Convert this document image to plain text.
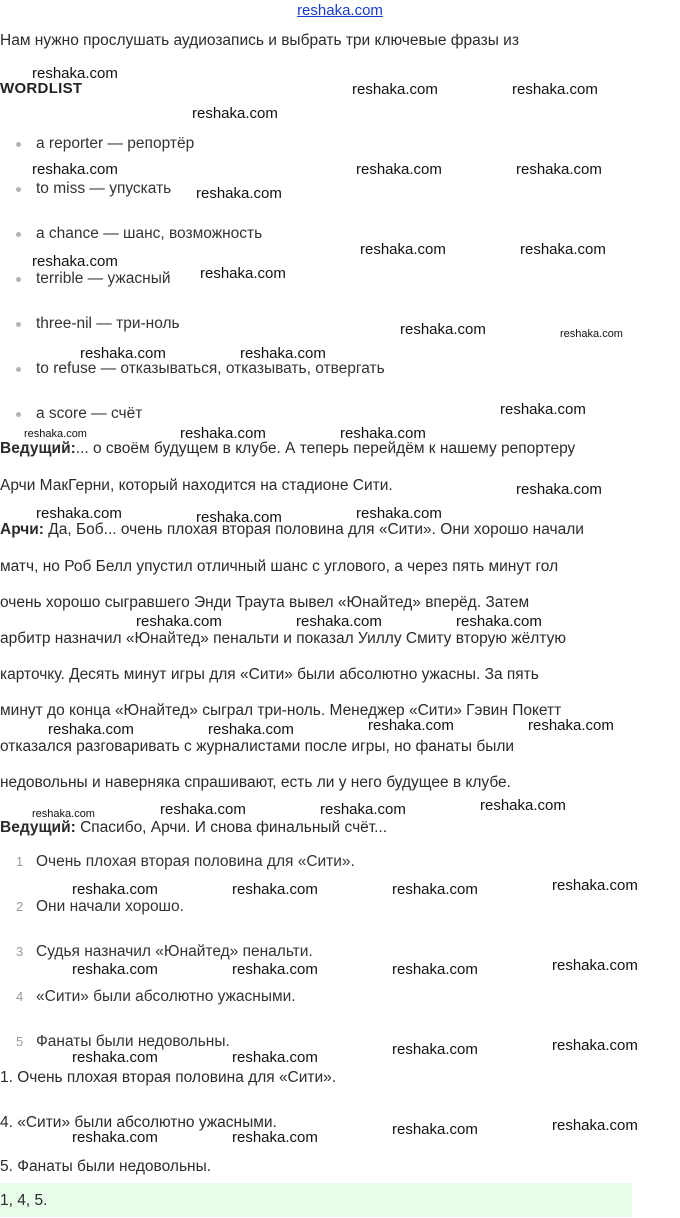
reshaka.com

Нам нужно прослушать аудиозапись и выбрать три ключевые фразы из

WORDLIST

a reporter — репортёр

to miss — упускать

a chance — шанс, возможность

terrible — ужасный

three-nil — три-ноль

to refuse — отказываться, отказывать, отвергать

a score — счёт

Ведущий:... о своём будущем в клубе. А теперь перейдём к нашему репортеру

Арчи МакГерни, который находится на стадионе Сити.

Арчи: Да, Боб... очень плохая вторая половина для «Сити». Они хорошо начали

матч, но Роб Белл упустил отличный шанс с углового, а через пять минут гол

очень хорошо сыгравшего Энди Траута вывел «Юнайтед» вперёд. Затем

арбитр назначил «Юнайтед» пенальти и показал Уиллу Смиту вторую жёлтую

карточку. Десять минут игры для «Сити» были абсолютно ужасны. За пять

минут до конца «Юнайтед» сыграл три-ноль. Менеджер «Сити» Гэвин Покетт

отказался разговаривать с журналистами после игры, но фанаты были

недовольны и наверняка спрашивают, есть ли у него будущее в клубе.

Ведущий: Спасибо, Арчи. И снова финальный счёт...

1 Очень плохая вторая половина для «Сити».

2 Они начали хорошо.

3 Судья назначил «Юнайтед» пенальти.

4 «Сити» были абсолютно ужасными.

5 Фанаты были недовольны.

1. Очень плохая вторая половина для «Сити».

4. «Сити» были абсолютно ужасными.

5. Фанаты были недовольны.

1, 4, 5.

reshaka.com

reshaka.com	reshaka.com

reshaka.com

reshaka.com	reshaka.com	reshaka.com

reshaka.com

reshaka.com	reshaka.com

reshaka.com

reshaka.com

reshaka.com	reshaka.com

reshaka.com	reshaka.com

reshaka.com

reshaka.com	reshaka.com	reshaka.com

reshaka.com

reshaka.com	reshaka.com	reshaka.com

reshaka.com	reshaka.com	reshaka.com

reshaka.com	reshaka.com	reshaka.com	reshaka.com

reshaka.com	reshaka.com	reshaka.com	reshaka.com

reshaka.com	reshaka.com	reshaka.com	reshaka.com

reshaka.com	reshaka.com	reshaka.com	reshaka.com

reshaka.com	reshaka.com	reshaka.com	reshaka.com

reshaka.com	reshaka.com	reshaka.com	reshaka.com
